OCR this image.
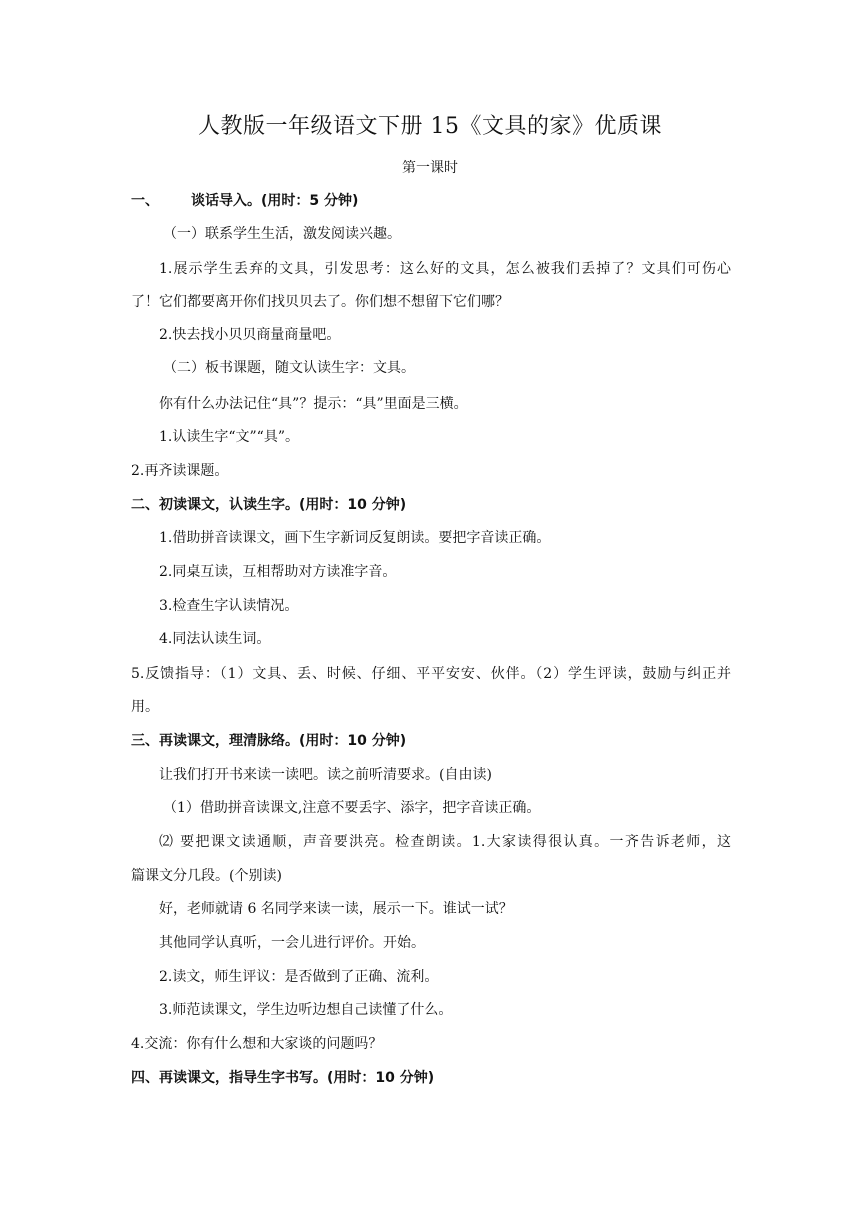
人教版一年级语文下册 15《文具的家》优质课
第一课时
一、 谈话导入。(用时：5 分钟)
（一）联系学生生活，激发阅读兴趣。
1.展示学生丢弃的文具，引发思考：这么好的文具，怎么被我们丢掉了？文具们可伤心
了！它们都要离开你们找贝贝去了。你们想不想留下它们哪？
2.快去找小贝贝商量商量吧。
（二）板书课题，随文认读生字：文具。
你有什么办法记住“具”？提示：“具”里面是三横。
1.认读生字“文”“具”。
2.再齐读课题。
二、初读课文，认读生字。(用时：10 分钟)
1.借助拼音读课文，画下生字新词反复朗读。要把字音读正确。
2.同桌互读，互相帮助对方读准字音。
3.检查生字认读情况。
4.同法认读生词。
5.反馈指导：（1）文具、丢、时候、仔细、平平安安、伙伴。（2）学生评读，鼓励与纠正并
用。
三、再读课文，理清脉络。(用时：10 分钟)
让我们打开书来读一读吧。读之前听清要求。(自由读)
（1）借助拼音读课文,注意不要丢字、添字，把字音读正确。
⑵ 要把课文读通顺，声音要洪亮。检查朗读。1.大家读得很认真。一齐告诉老师，这
篇课文分几段。(个别读)
好，老师就请 6 名同学来读一读，展示一下。谁试一试？
其他同学认真听，一会儿进行评价。开始。
2.读文，师生评议：是否做到了正确、流利。
3.师范读课文，学生边听边想自己读懂了什么。
4.交流：你有什么想和大家谈的问题吗？
四、再读课文，指导生字书写。(用时：10 分钟)
